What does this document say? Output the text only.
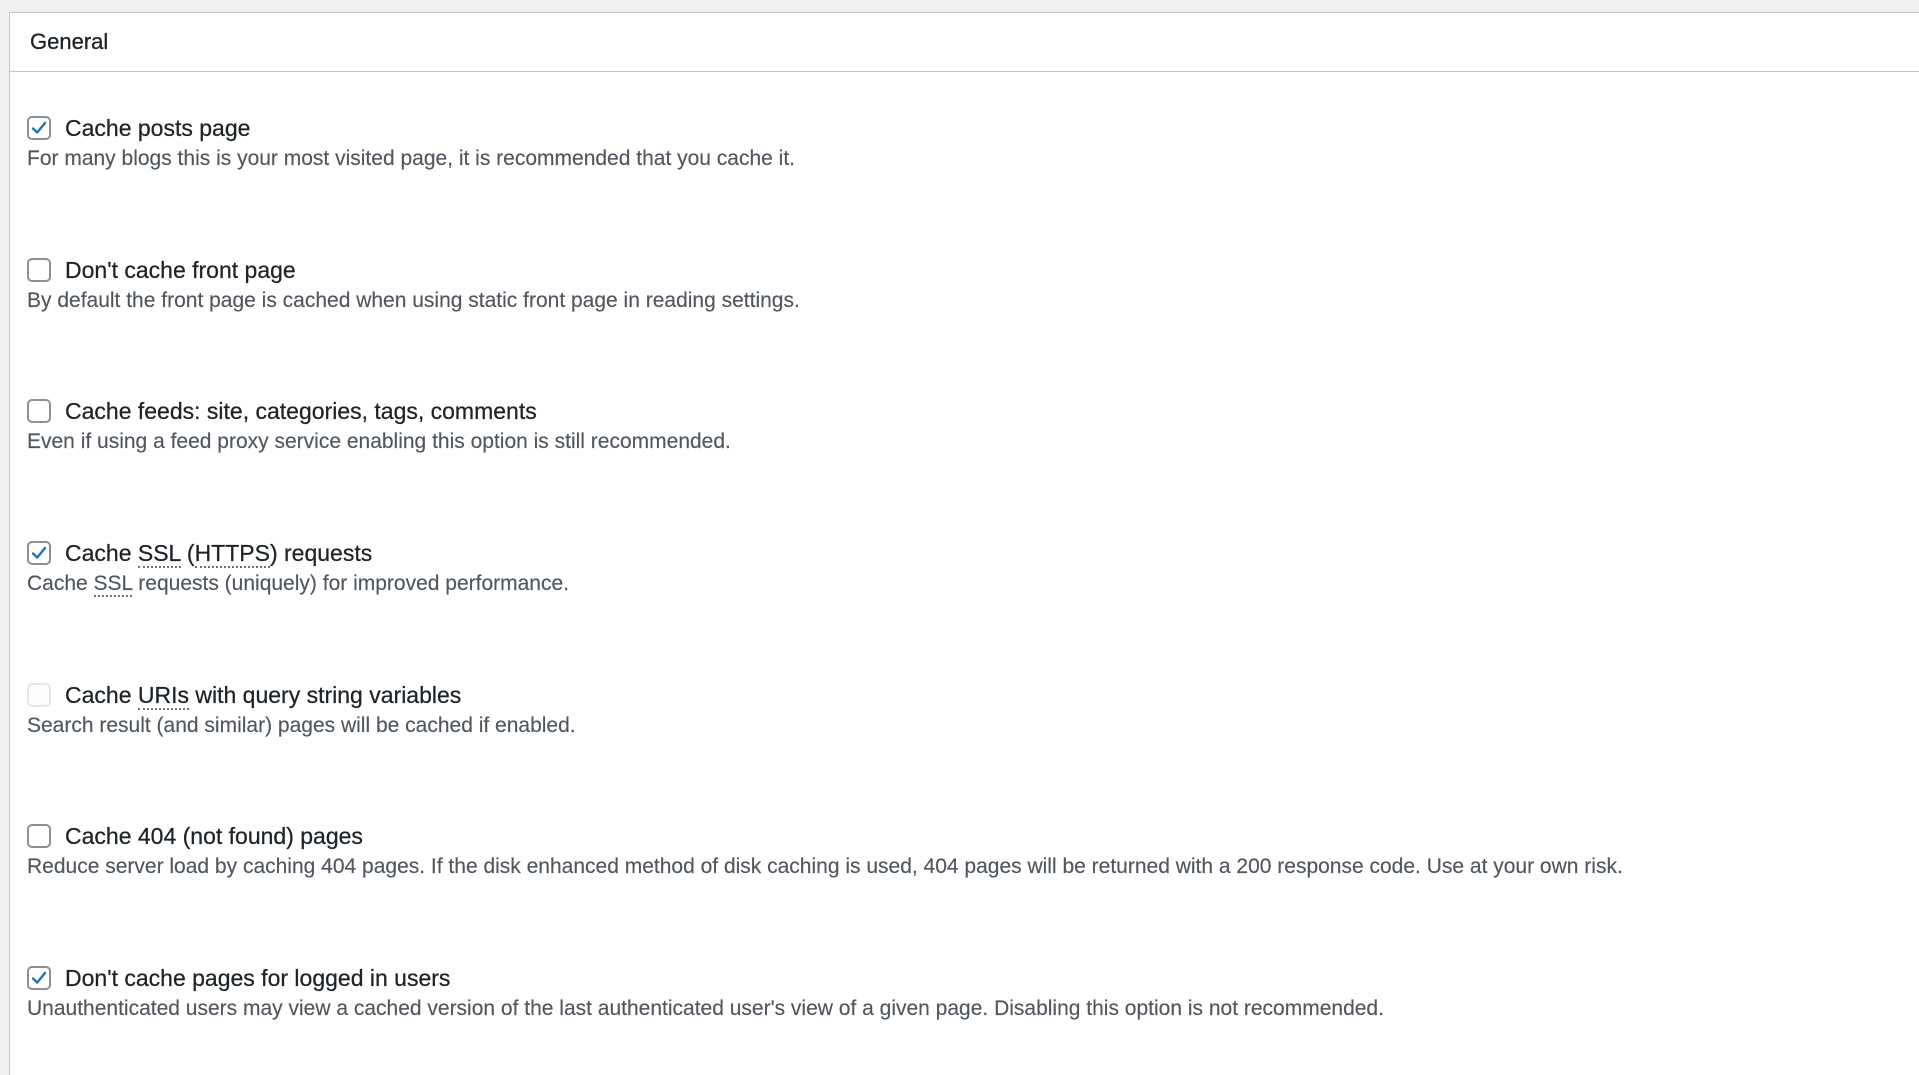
General
Cache posts page
For many blogs this is your most visited page, it is recommended that you cache it.
Don't cache front page
By default the front page is cached when using static front page in reading settings.
Cache feeds: site, categories, tags, comments
Even if using a feed proxy service enabling this option is still recommended.
Cache SSL (HTTPS) requests
Cache SSL requests (uniquely) for improved performance.
Cache URIs with query string variables
Search result (and similar) pages will be cached if enabled.
Cache 404 (not found) pages
Reduce server load by caching 404 pages. If the disk enhanced method of disk caching is used, 404 pages will be returned with a 200 response code. Use at your own risk.
Don't cache pages for logged in users
Unauthenticated users may view a cached version of the last authenticated user's view of a given page. Disabling this option is not recommended.
